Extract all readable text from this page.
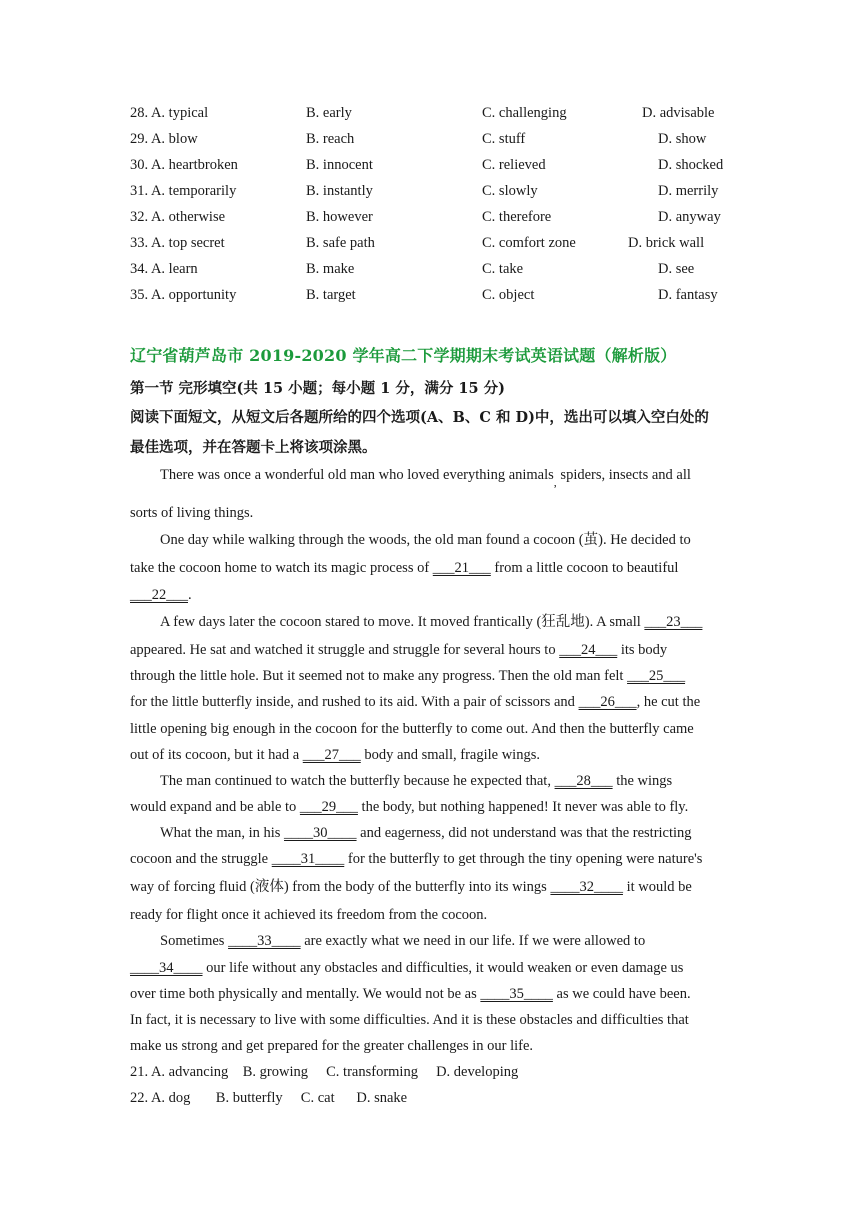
28. A. typical	B. early	C. challenging	D. advisable
29. A. blow	B. reach	C. stuff	D. show
30. A. heartbroken	B. innocent	C. relieved	D. shocked
31. A. temporarily	B. instantly	C. slowly	D. merrily
32. A. otherwise	B. however	C. therefore	D. anyway
33. A. top secret	B. safe path	C. comfort zone	D. brick wall
34. A. learn	B. make	C. take	D. see
35. A. opportunity	B. target	C. object	D. fantasy
辽宁省葫芦岛市 2019-2020 学年高二下学期期末考试英语试题（解析版）
第一节 完形填空(共 15 小题；每小题 1 分，满分 15 分)
阅读下面短文，从短文后各题所给的四个选项(A、B、C 和 D)中，选出可以填入空白处的
最佳选项，并在答题卡上将该项涂黑。
There was once a wonderful old man who loved everything animals$_,$ spiders, insects and all
sorts of living things.
One day while walking through the woods, the old man found a cocoon (茧). He decided to
take the cocoon home to watch its magic process of ___21___ from a little cocoon to beautiful
___22___.
A few days later the cocoon stared to move. It moved frantically (狂乱地). A small ___23___
appeared. He sat and watched it struggle and struggle for several hours to ___24___ its body
through the little hole. But it seemed not to make any progress. Then the old man felt ___25___
for the little butterfly inside, and rushed to its aid. With a pair of scissors and ___26___, he cut the
little opening big enough in the cocoon for the butterfly to come out. And then the butterfly came
out of its cocoon, but it had a ___27___ body and small, fragile wings.
The man continued to watch the butterfly because he expected that, ___28___ the wings
would expand and be able to ___29___ the body, but nothing happened! It never was able to fly.
What the man, in his ____30____ and eagerness, did not understand was that the restricting
cocoon and the struggle ____31____ for the butterfly to get through the tiny opening were nature's
way of forcing fluid (液体) from the body of the butterfly into its wings ____32____ it would be
ready for flight once it achieved its freedom from the cocoon.
Sometimes ____33____ are exactly what we need in our life. If we were allowed to
____34____ our life without any obstacles and difficulties, it would weaken or even damage us
over time both physically and mentally. We would not be as ____35____ as we could have been.
In fact, it is necessary to live with some difficulties. And it is these obstacles and difficulties that
make us strong and get prepared for the greater challenges in our life.
21. A. advancing    B. growing     C. transforming     D. developing
22. A. dog       B. butterfly     C. cat      D. snake
